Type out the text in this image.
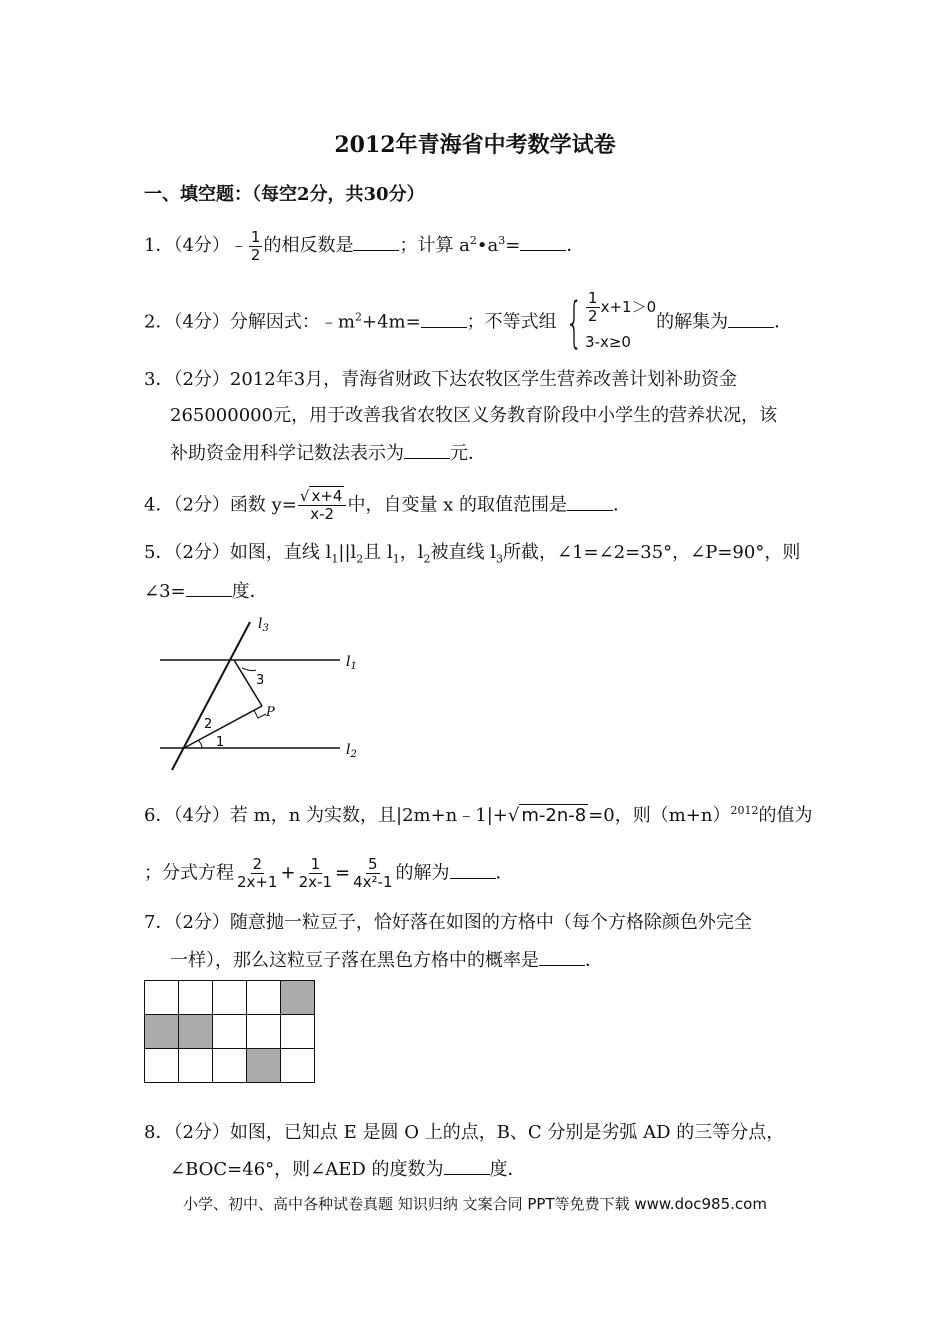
2012年青海省中考数学试卷
一、填空题：（每空2分，共30分）
1．（4分）﹣ $\frac{1}{2}$ 的相反数是	；计算 $a^2•a^3=$	．
2．（4分）分解因式：$﹣m^2+4m=$	；不等式组 { $\frac{1}{2} x+1>0$
3-x≥0
的解集为	．
3．（2分）2012年3月，青海省财政下达农牧区学生营养改善计划补助资金
265000000元，用于改善我省农牧区义务教育阶段中小学生的营养状况，该
补助资金用科学记数法表示为	元．
4．（2分）函数 $y= \frac{√ x+4}{x-2}$ 中，自变量 x 的取值范围是	．
5．（2分）如图，直线 $l_1||l_2$且 $l_1$，$l_2$被直线 $l_3$所截，∠1=∠2=35°，∠P=90°，则
∠3=	度．
$l_3$
$l_1$
$l_2$
3
P
2
1
6．（4分）若 m，n 为实数，且|2m+n﹣1|+√ m-2n-8 =0，则$(m+n)^{2012}$的值为
；分式方程 $\frac{2}{2x+1} + \frac{1}{2x-1} = \frac{5}{\text{4x²-1}}$ 的解为	．
7．（2分）随意抛一粒豆子，恰好落在如图的方格中（每个方格除颜色外完全
一样），那么这粒豆子落在黑色方格中的概率是	．

8．（2分）如图，已知点 E 是圆 O 上的点，B、C 分别是劣弧 AD 的三等分点，
∠BOC=46°，则∠AED 的度数为	度．
小学、初中、高中各种试卷真题 知识归纳 文案合同 PPT等免费下载 www.doc985.com
